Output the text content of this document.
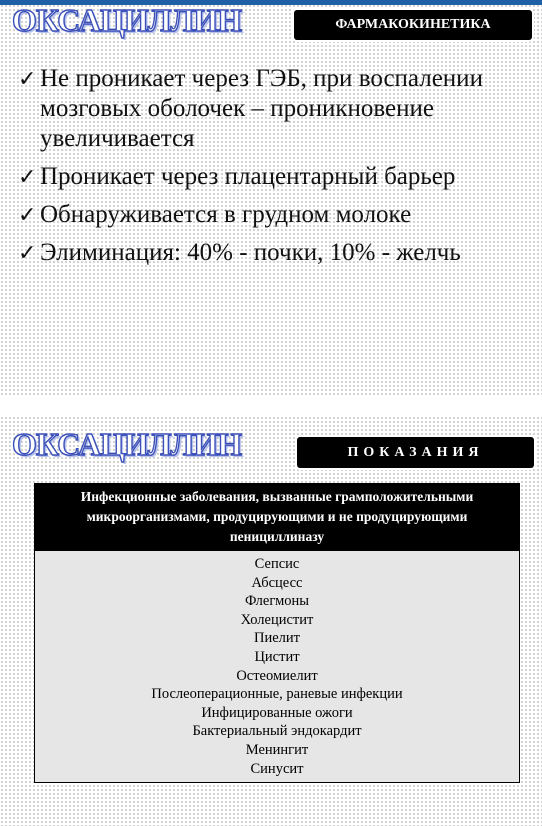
ОКСАЦИЛЛИН	ФАРМАКОКИНЕТИКА
✓ Не проникает через ГЭБ, при воспалении мозговых оболочек – проникновение увеличивается
✓ Проникает через плацентарный барьер
✓ Обнаруживается в грудном молоке
✓ Элиминация: 40% - почки, 10% - желчь
ОКСАЦИЛЛИН	ПОКАЗАНИЯ
Инфекционные заболевания, вызванные грамположительными микроорганизмами, продуцирующими и не продуцирующими пенициллиназу
Сепсис
Абсцесс
Флегмоны
Холецистит
Пиелит
Цистит
Остеомиелит
Послеоперационные, раневые инфекции
Инфицированные ожоги
Бактериальный эндокардит
Менингит
Синусит
